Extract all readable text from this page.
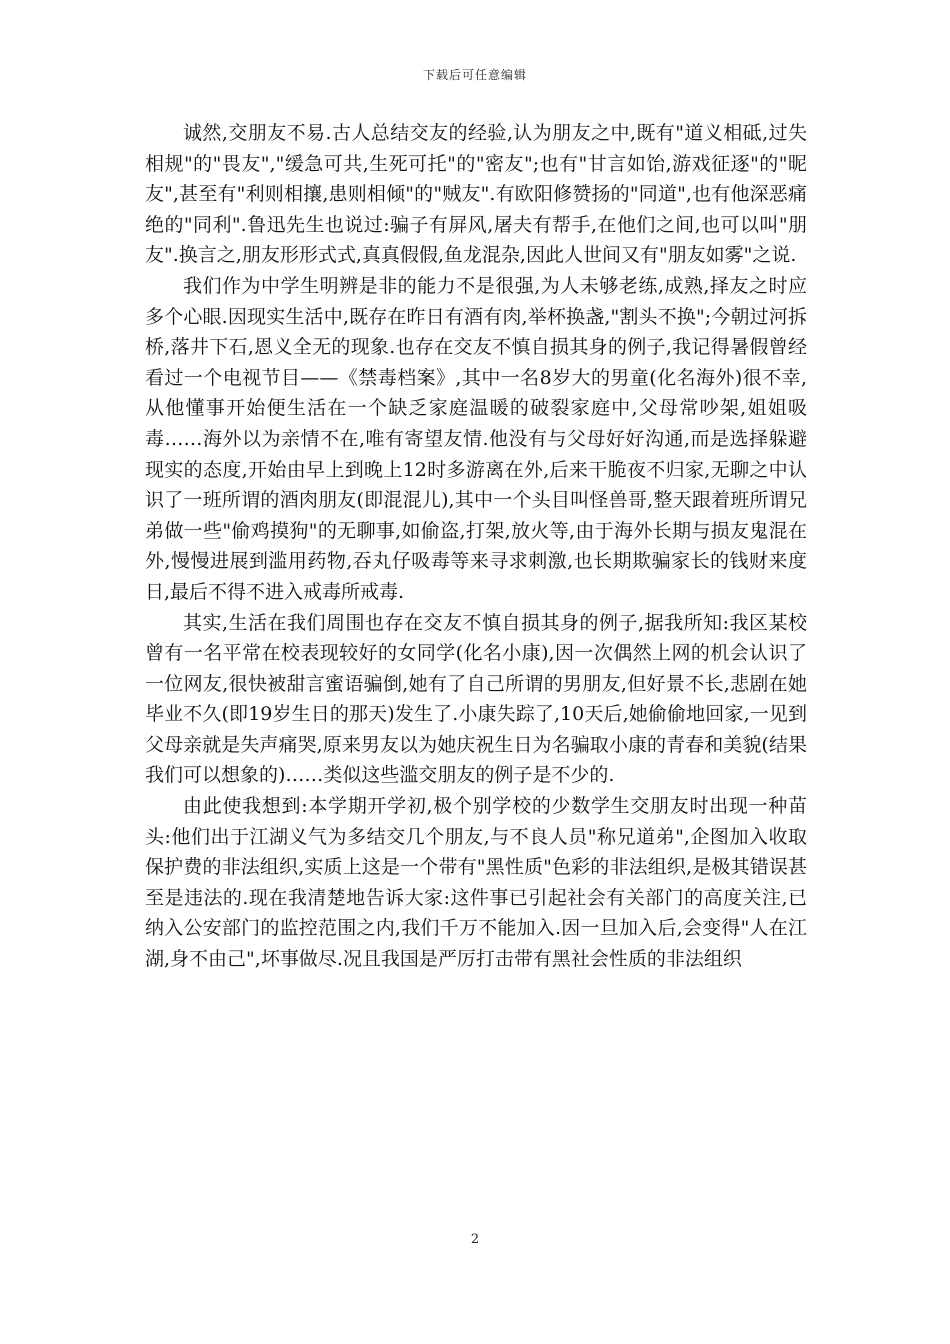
下载后可任意编辑

诚然,交朋友不易.古人总结交友的经验,认为朋友之中,既有"道义相砥,过失相规"的"畏友","缓急可共,生死可托"的"密友";也有"甘言如饴,游戏征逐"的"昵友",甚至有"利则相攘,患则相倾"的"贼友".有欧阳修赞扬的"同道",也有他深恶痛绝的"同利".鲁迅先生也说过:骗子有屏风,屠夫有帮手,在他们之间,也可以叫"朋友".换言之,朋友形形式式,真真假假,鱼龙混杂,因此人世间又有"朋友如雾"之说.

我们作为中学生明辨是非的能力不是很强,为人未够老练,成熟,择友之时应多个心眼.因现实生活中,既存在昨日有酒有肉,举杯换盏,"割头不换";今朝过河拆桥,落井下石,恩义全无的现象.也存在交友不慎自损其身的例子,我记得暑假曾经看过一个电视节目——《禁毒档案》,其中一名8岁大的男童(化名海外)很不幸,从他懂事开始便生活在一个缺乏家庭温暖的破裂家庭中,父母常吵架,姐姐吸毒……海外以为亲情不在,唯有寄望友情.他没有与父母好好沟通,而是选择躲避现实的态度,开始由早上到晚上12时多游离在外,后来干脆夜不归家,无聊之中认识了一班所谓的酒肉朋友(即混混儿),其中一个头目叫怪兽哥,整天跟着班所谓兄弟做一些"偷鸡摸狗"的无聊事,如偷盗,打架,放火等,由于海外长期与损友鬼混在外,慢慢进展到滥用药物,吞丸仔吸毒等来寻求刺激,也长期欺骗家长的钱财来度日,最后不得不进入戒毒所戒毒.

其实,生活在我们周围也存在交友不慎自损其身的例子,据我所知:我区某校曾有一名平常在校表现较好的女同学(化名小康),因一次偶然上网的机会认识了一位网友,很快被甜言蜜语骗倒,她有了自己所谓的男朋友,但好景不长,悲剧在她毕业不久(即19岁生日的那天)发生了.小康失踪了,10天后,她偷偷地回家,一见到父母亲就是失声痛哭,原来男友以为她庆祝生日为名骗取小康的青春和美貌(结果我们可以想象的)……类似这些滥交朋友的例子是不少的.

由此使我想到:本学期开学初,极个别学校的少数学生交朋友时出现一种苗头:他们出于江湖义气为多结交几个朋友,与不良人员"称兄道弟",企图加入收取保护费的非法组织,实质上这是一个带有"黑性质"色彩的非法组织,是极其错误甚至是违法的.现在我清楚地告诉大家:这件事已引起社会有关部门的高度关注,已纳入公安部门的监控范围之内,我们千万不能加入.因一旦加入后,会变得"人在江湖,身不由己",坏事做尽.况且我国是严厉打击带有黑社会性质的非法组织

2
